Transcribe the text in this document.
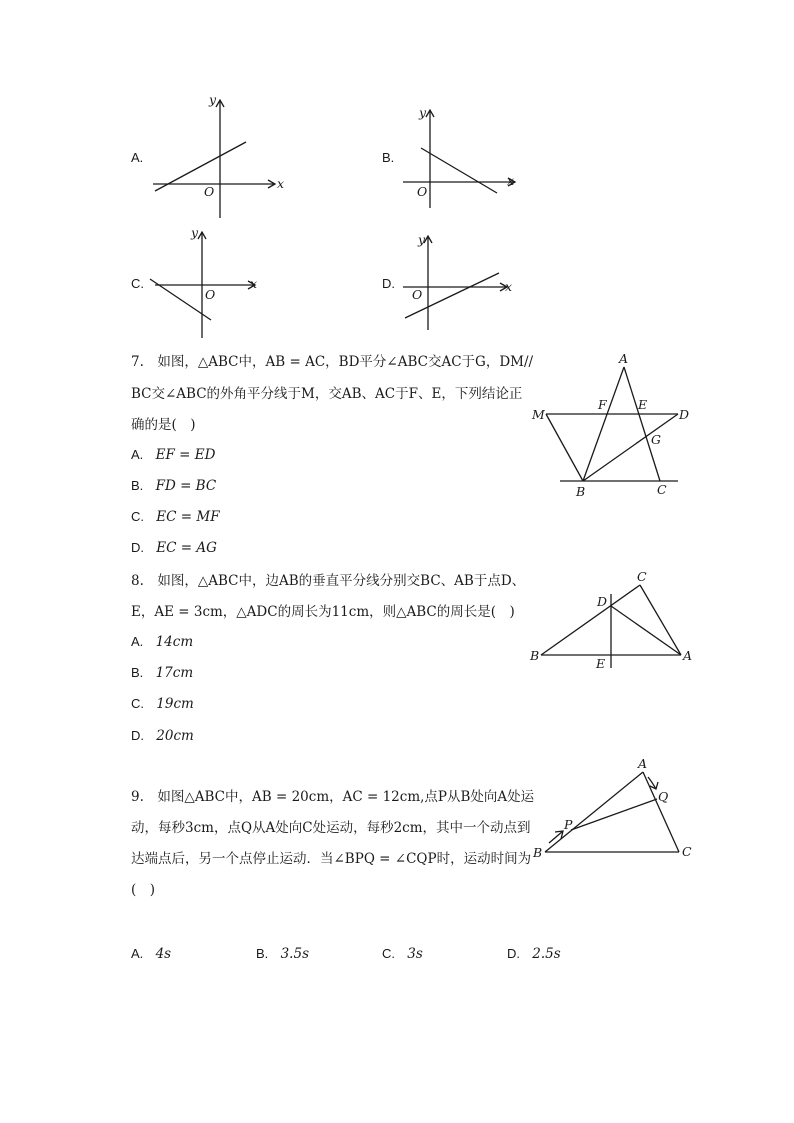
A.
x
y
O
B.
x
y
O
C.	x
y
O
D.	x
y
O
7.　如图，△ABC中，AB = AC，BD平分∠ABC交AC于G，DM//
BC交∠ABC的外角平分线于M，交AB、AC于F、E，下列结论正
确的是(　)
A. EF = ED
B. FD = BC
C. EC = MF
D. EC = AG
A
M
F	E
D
G
B	C
8.　如图，△ABC中，边AB的垂直平分线分别交BC、AB于点D、
E，AE = 3cm，△ADC的周长为11cm，则△ABC的周长是(　)
A. 14cm
B. 17cm
C. 19cm
D. 20cm
C
D
B
E
A
9.　如图△ABC中，AB = 20cm，AC = 12cm,点P从B处向A处运
动，每秒3cm，点Q从A处向C处运动，每秒2cm，其中一个动点到
达端点后，另一个点停止运动．当∠BPQ = ∠CQP时，运动时间为
(　)
A. 4s	B. 3.5s	C. 3s	D. 2.5s
A
Q
P
B	C
